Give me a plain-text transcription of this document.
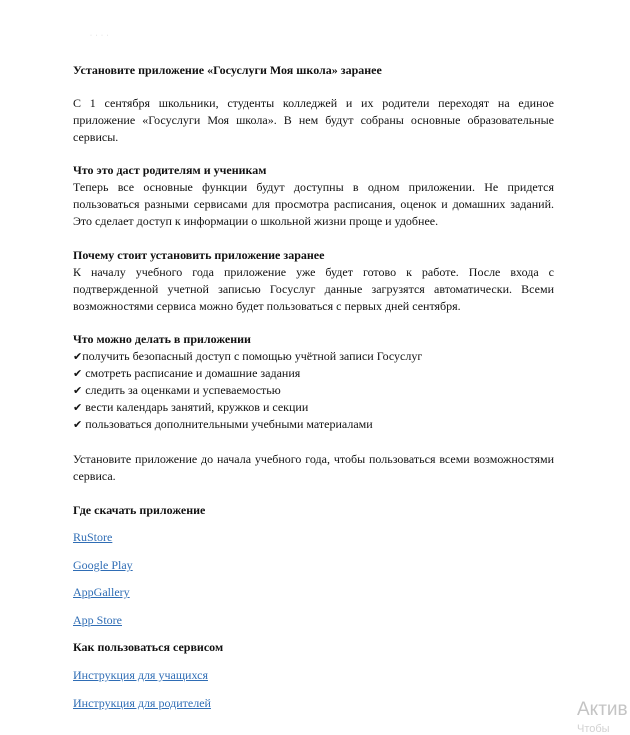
· · · ·

Установите приложение «Госуслуги Моя школа» заранее

С 1 сентября школьники, студенты колледжей и их родители переходят на единое приложение «Госуслуги Моя школа». В нем будут собраны основные образовательные сервисы.

Что это даст родителям и ученикам

Теперь все основные функции будут доступны в одном приложении. Не придется пользоваться разными сервисами для просмотра расписания, оценок и домашних заданий. Это сделает доступ к информации о школьной жизни проще и удобнее.

Почему стоит установить приложение заранее

К началу учебного года приложение уже будет готово к работе. После входа с подтвержденной учетной записью Госуслуг данные загрузятся автоматически. Всеми возможностями сервиса можно будет пользоваться с первых дней сентября.

Что можно делать в приложении

✔получить безопасный доступ с помощью учётной записи Госуслуг
✔ смотреть расписание и домашние задания
✔ следить за оценками и успеваемостью
✔ вести календарь занятий, кружков и секции
✔ пользоваться дополнительными учебными материалами

Установите приложение до начала учебного года, чтобы пользоваться всеми возможностями сервиса.

Где скачать приложение

RuStore
Google Play
AppGallery
App Store

Как пользоваться сервисом

Инструкция для учащихся
Инструкция для родителей	Актив
Чтобы
